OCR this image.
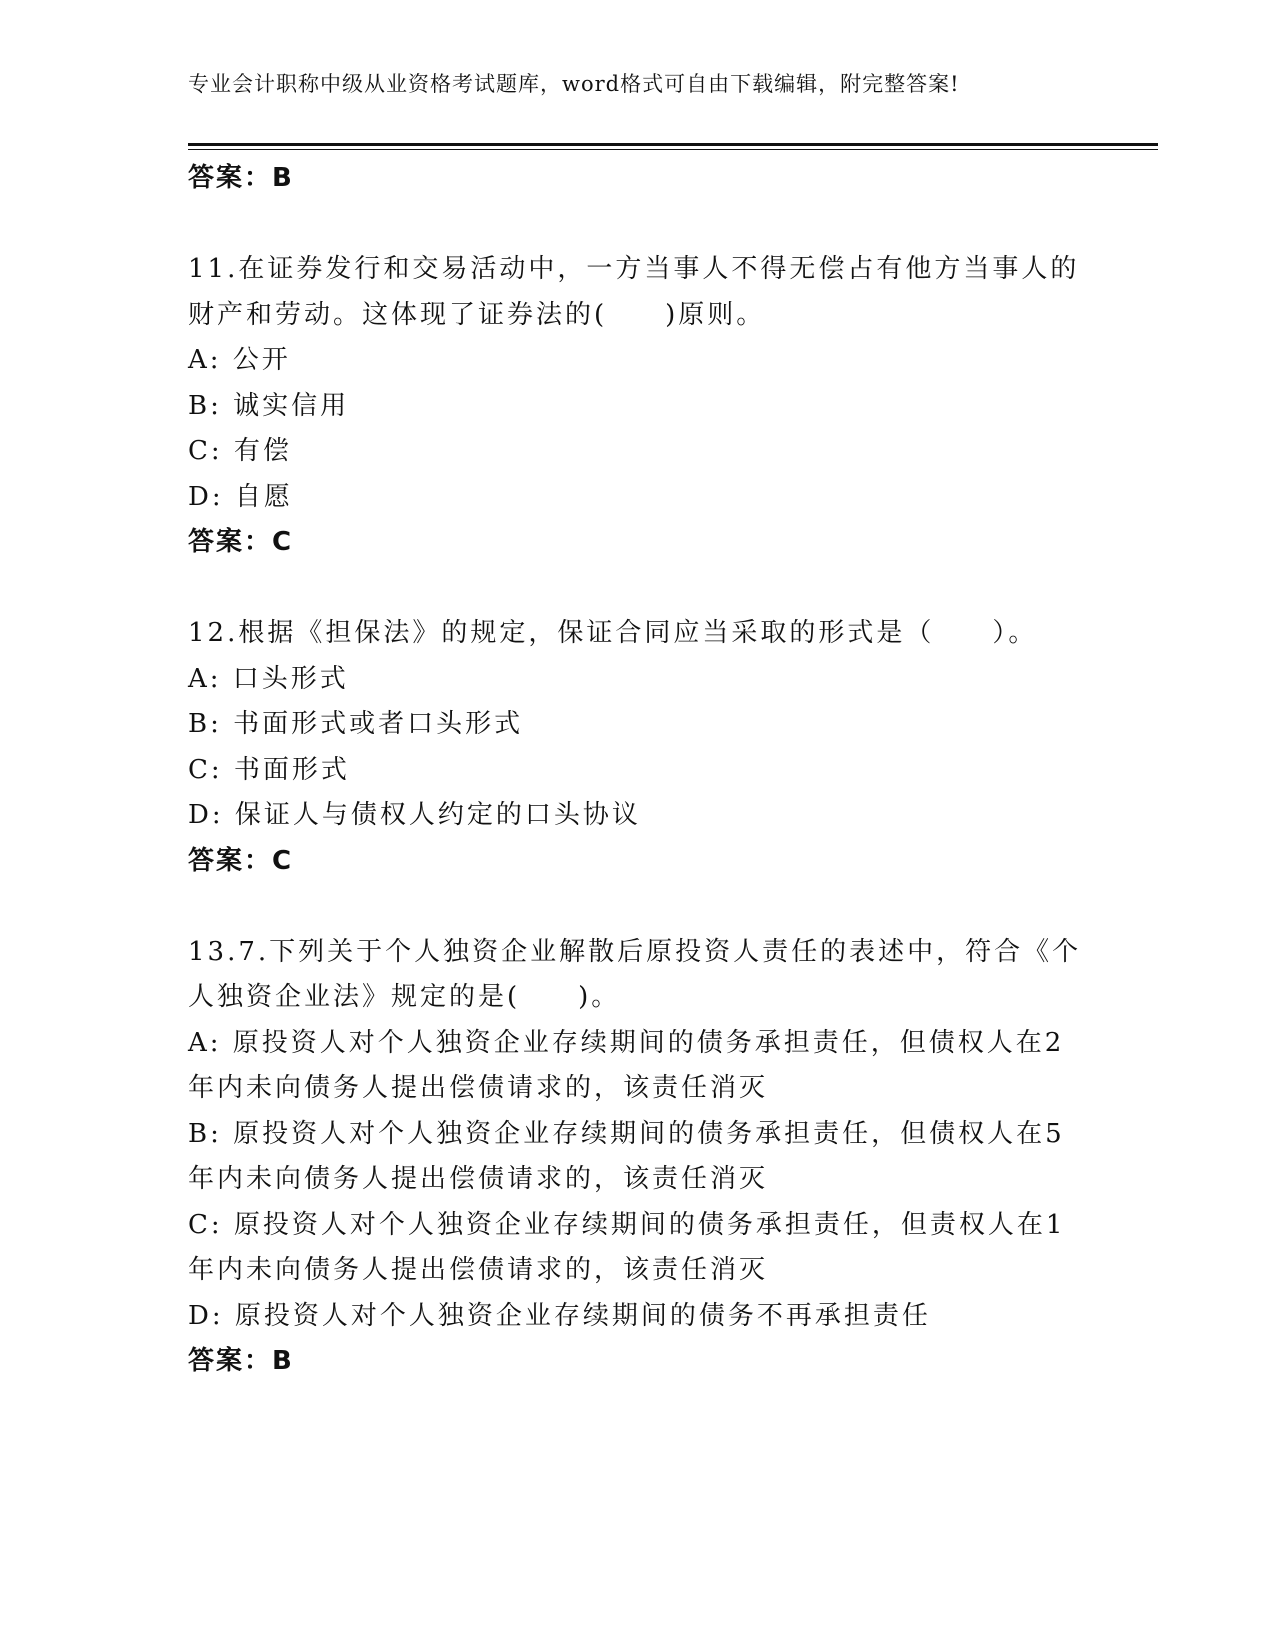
专业会计职称中级从业资格考试题库，word格式可自由下载编辑，附完整答案!
答案：B
11.在证券发行和交易活动中，一方当事人不得无偿占有他方当事人的
财产和劳动。这体现了证券法的(　　)原则。
A: 公开
B: 诚实信用
C: 有偿
D: 自愿
答案：C
12.根据《担保法》的规定，保证合同应当采取的形式是（　　）。
A: 口头形式
B: 书面形式或者口头形式
C: 书面形式
D: 保证人与债权人约定的口头协议
答案：C
13.7.下列关于个人独资企业解散后原投资人责任的表述中，符合《个
人独资企业法》规定的是(　　)。
A: 原投资人对个人独资企业存续期间的债务承担责任，但债权人在2
年内未向债务人提出偿债请求的，该责任消灭
B: 原投资人对个人独资企业存续期间的债务承担责任，但债权人在5
年内未向债务人提出偿债请求的，该责任消灭
C: 原投资人对个人独资企业存续期间的债务承担责任，但责权人在1
年内未向债务人提出偿债请求的，该责任消灭
D: 原投资人对个人独资企业存续期间的债务不再承担责任
答案：B
